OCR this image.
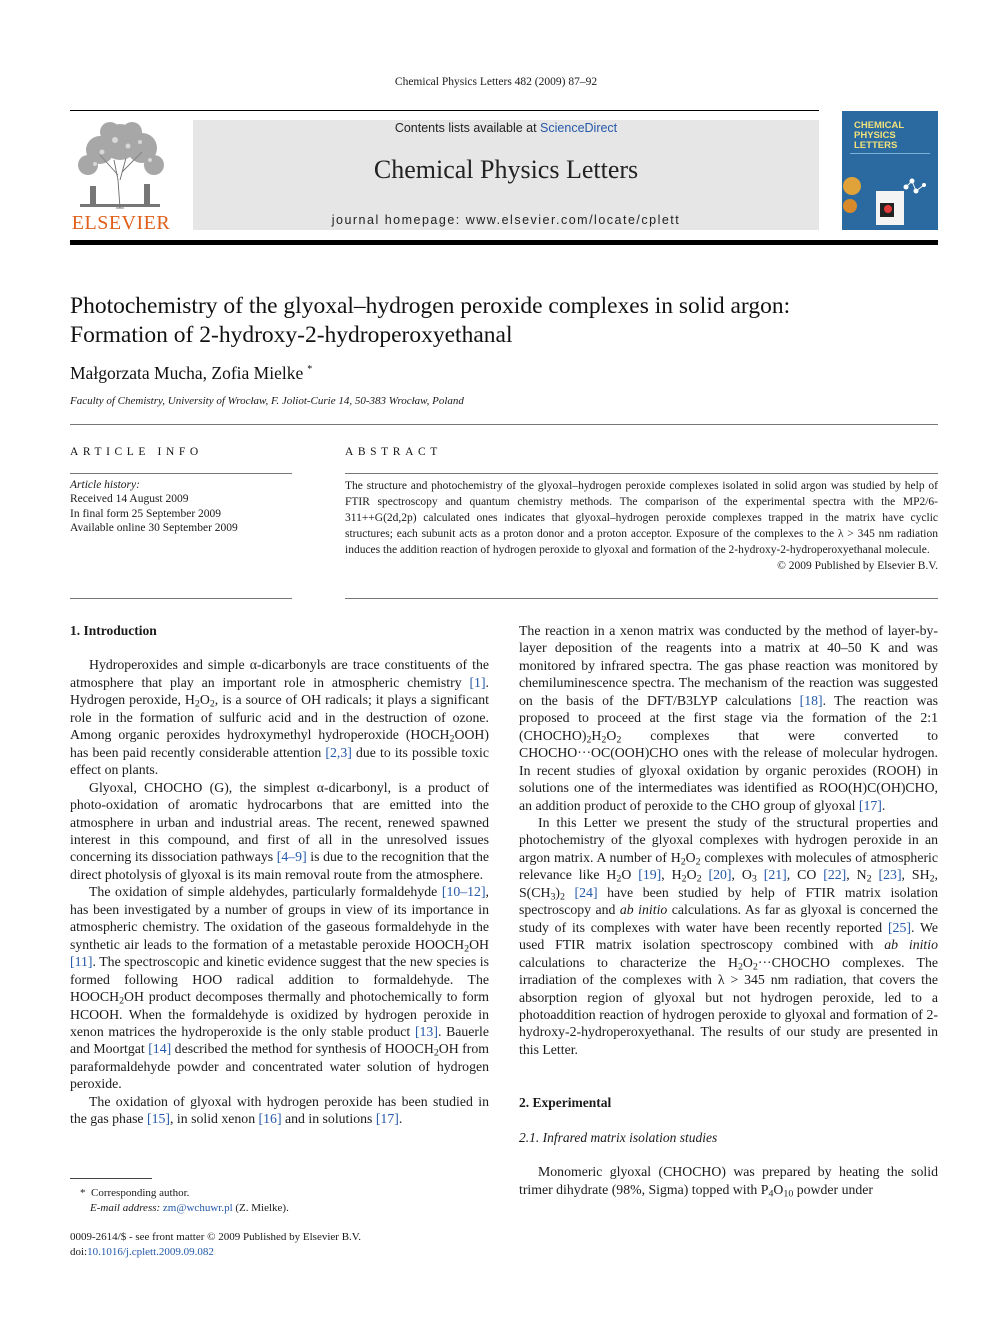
Chemical Physics Letters 482 (2009) 87–92
ELSEVIER
Contents lists available at ScienceDirect
Chemical Physics Letters
journal homepage: www.elsevier.com/locate/cplett
CHEMICAL PHYSICS LETTERS
Photochemistry of the glyoxal–hydrogen peroxide complexes in solid argon:
Formation of 2-hydroxy-2-hydroperoxyethanal
Małgorzata Mucha, Zofia Mielke *
Faculty of Chemistry, University of Wrocław, F. Joliot-Curie 14, 50-383 Wrocław, Poland
ARTICLE INFO
Article history:
Received 14 August 2009
In final form 25 September 2009
Available online 30 September 2009
ABSTRACT
The structure and photochemistry of the glyoxal–hydrogen peroxide complexes isolated in solid argon was studied by help of FTIR spectroscopy and quantum chemistry methods. The comparison of the experimental spectra with the MP2/6-311++G(2d,2p) calculated ones indicates that glyoxal–hydrogen peroxide complexes trapped in the matrix have cyclic structures; each subunit acts as a proton donor and a proton acceptor. Exposure of the complexes to the λ > 345 nm radiation induces the addition reaction of hydrogen peroxide to glyoxal and formation of the 2-hydroxy-2-hydroperoxyethanal molecule.
© 2009 Published by Elsevier B.V.
1. Introduction

Hydroperoxides and simple α-dicarbonyls are trace constituents of the atmosphere that play an important role in atmospheric chemistry [1]. Hydrogen peroxide, $H_2O_2$, is a source of OH radicals; it plays a significant role in the formation of sulfuric acid and in the destruction of ozone. Among organic peroxides hydroxymethyl hydroperoxide $(HOCH_2OOH)$ has been paid recently considerable attention [2,3] due to its possible toxic effect on plants.

Glyoxal, CHOCHO (G), the simplest α-dicarbonyl, is a product of photo-oxidation of aromatic hydrocarbons that are emitted into the atmosphere in urban and industrial areas. The recent, renewed spawned interest in this compound, and first of all in the unresolved issues concerning its dissociation pathways [4–9] is due to the recognition that the direct photolysis of glyoxal is its main removal route from the atmosphere.

The oxidation of simple aldehydes, particularly formaldehyde [10–12], has been investigated by a number of groups in view of its importance in atmospheric chemistry. The oxidation of the gaseous formaldehyde in the synthetic air leads to the formation of a metastable peroxide $HOOCH_2OH$ [11]. The spectroscopic and kinetic evidence suggest that the new species is formed following HOO radical addition to formaldehyde. The $HOOCH_2OH$ product decomposes thermally and photochemically to form HCOOH. When the formaldehyde is oxidized by hydrogen peroxide in xenon matrices the hydroperoxide is the only stable product [13]. Bauerle and Moortgat [14] described the method for synthesis of $HOOCH_2OH$ from paraformaldehyde powder and concentrated water solution of hydrogen peroxide.

The oxidation of glyoxal with hydrogen peroxide has been studied in the gas phase [15], in solid xenon [16] and in solutions [17].

The reaction in a xenon matrix was conducted by the method of layer-by-layer deposition of the reagents into a matrix at 40–50 K and was monitored by infrared spectra. The gas phase reaction was monitored by chemiluminescence spectra. The mechanism of the reaction was suggested on the basis of the DFT/B3LYP calculations [18]. The reaction was proposed to proceed at the first stage via the formation of the 2:1 $(CHOCHO)_2H_2O_2$ complexes that were converted to CHOCHO···OC(OOH)CHO ones with the release of molecular hydrogen. In recent studies of glyoxal oxidation by organic peroxides (ROOH) in solutions one of the intermediates was identified as ROO(H)C(OH)CHO, an addition product of peroxide to the CHO group of glyoxal [17].

In this Letter we present the study of the structural properties and photochemistry of the glyoxal complexes with hydrogen peroxide in an argon matrix. A number of $H_2O_2$ complexes with molecules of atmospheric relevance like $H_2O$ [19], $H_2O_2$ [20], $O_3$ [21], CO [22], $N_2$ [23], $SH_2$, $S(CH_3)_2$ [24] have been studied by help of FTIR matrix isolation spectroscopy and ab initio calculations. As far as glyoxal is concerned the study of its complexes with water have been recently reported [25]. We used FTIR matrix isolation spectroscopy combined with ab initio calculations to characterize the $H_2O_2\cdot\cdot\cdot CHOCHO$ complexes. The irradiation of the complexes with λ > 345 nm radiation, that covers the absorption region of glyoxal but not hydrogen peroxide, led to a photoaddition reaction of hydrogen peroxide to glyoxal and formation of 2-hydroxy-2-hydroperoxyethanal. The results of our study are presented in this Letter.

2. Experimental
2.1. Infrared matrix isolation studies

Monomeric glyoxal (CHOCHO) was prepared by heating the solid trimer dihydrate (98%, Sigma) topped with $P_4O_{10}$ powder under

* Corresponding author.
E-mail address: zm@wchuwr.pl (Z. Mielke).
0009-2614/$ - see front matter © 2009 Published by Elsevier B.V.
doi:10.1016/j.cplett.2009.09.082
